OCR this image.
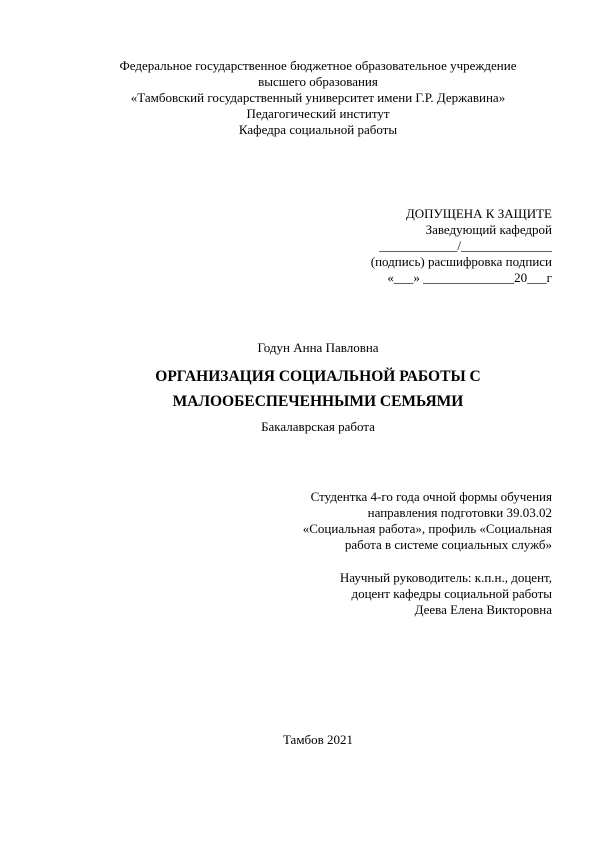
Федеральное государственное бюджетное образовательное учреждение
высшего образования
«Тамбовский государственный университет имени Г.Р. Державина»
Педагогический институт
Кафедра социальной работы
ДОПУЩЕНА К ЗАЩИТЕ
Заведующий кафедрой
____________/______________
(подпись) расшифровка подписи
«___» ______________20___г
Годун Анна Павловна
ОРГАНИЗАЦИЯ СОЦИАЛЬНОЙ РАБОТЫ С
МАЛООБЕСПЕЧЕННЫМИ СЕМЬЯМИ
Бакалаврская работа
Студентка 4-го года очной формы обучения
направления подготовки 39.03.02
«Социальная работа», профиль «Социальная
работа в системе социальных служб»
Научный руководитель: к.п.н., доцент,
доцент кафедры социальной работы
Деева Елена Викторовна
Тамбов 2021
